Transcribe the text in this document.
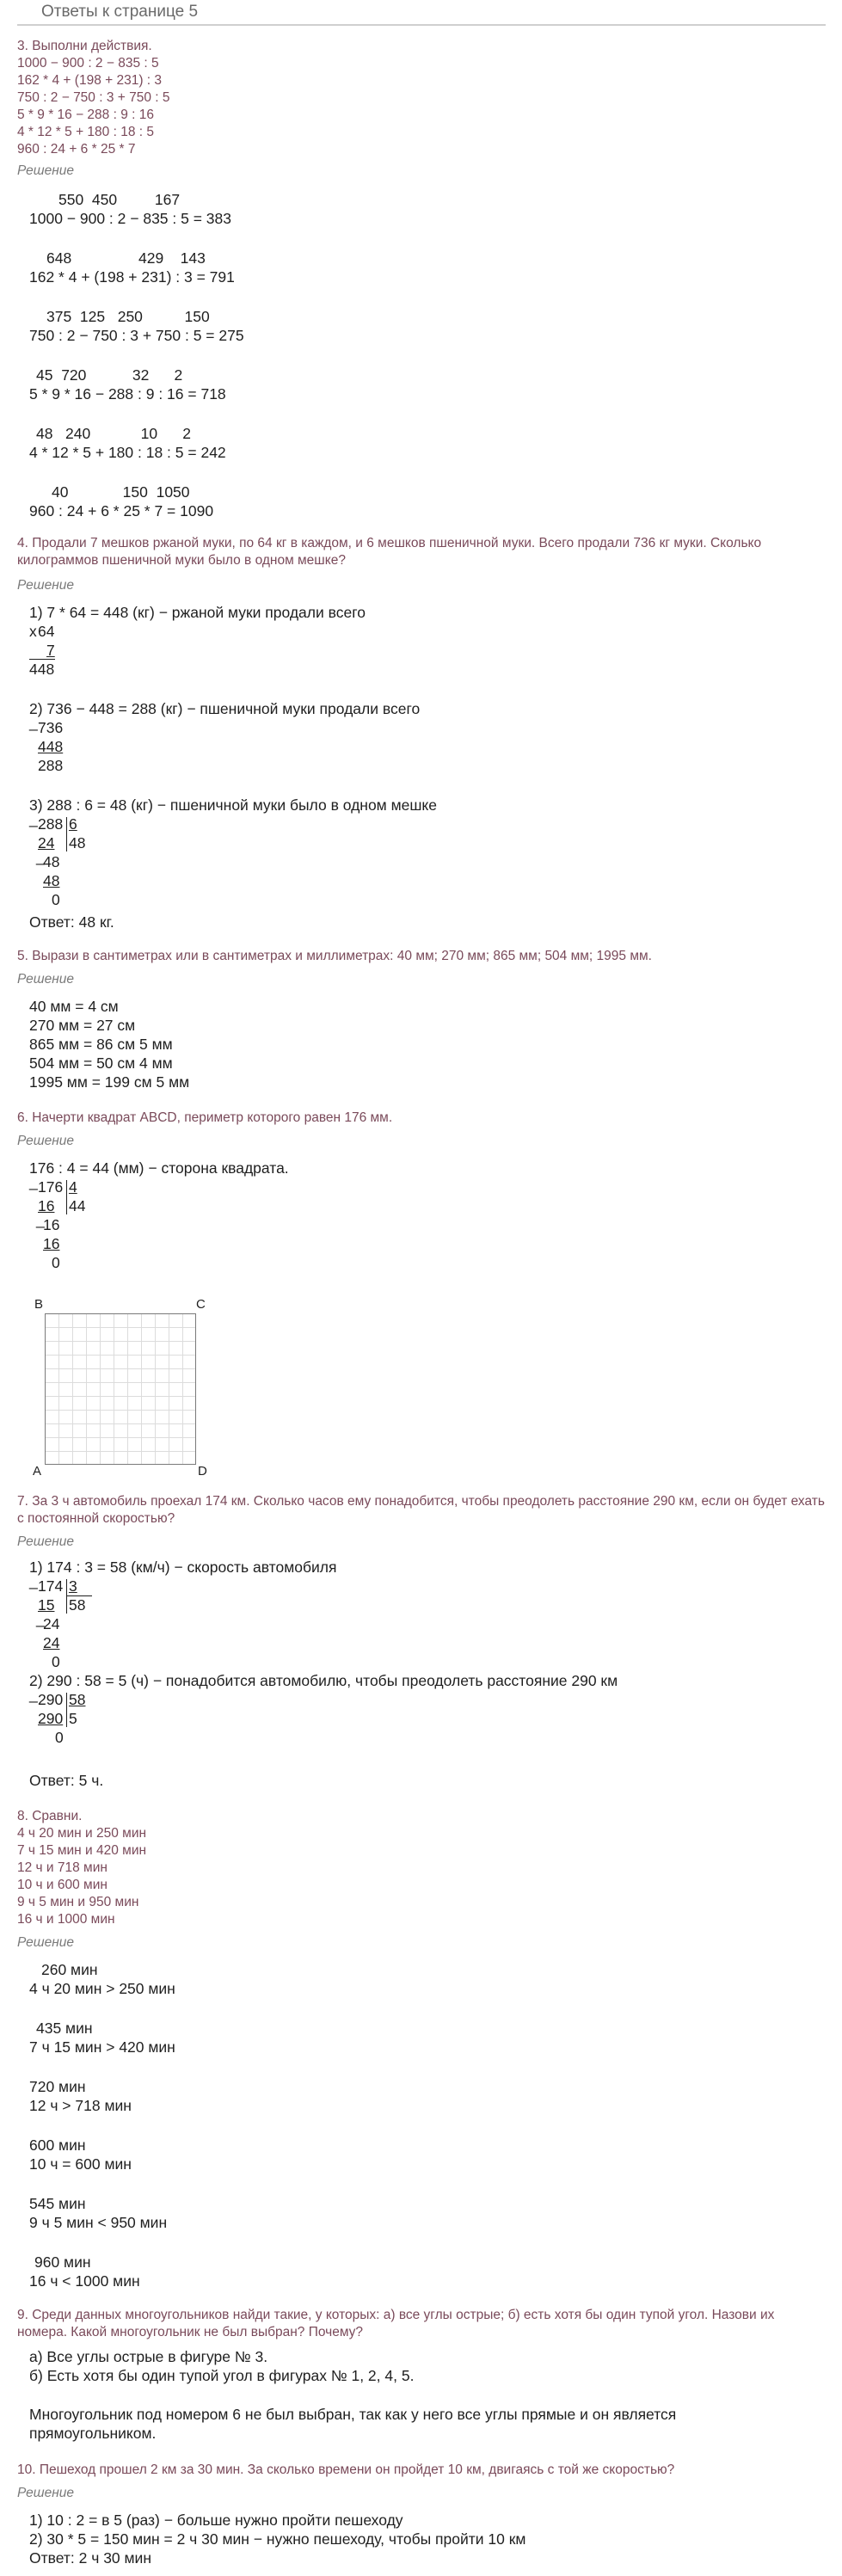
Ответы к странице 5
3. Выполни действия.
1000 − 900 : 2 − 835 : 5
162 * 4 + (198 + 231) : 3
750 : 2 − 750 : 3 + 750 : 5
5 * 9 * 16 − 288 : 9 : 16
4 * 12 * 5 + 180 : 18 : 5
960 : 24 + 6 * 25 * 7
Решение
550  450         167
1000 − 900 : 2 − 835 : 5 = 383
648                429    143
162 * 4 + (198 + 231) : 3 = 791
375  125   250          150
750 : 2 − 750 : 3 + 750 : 5 = 275
45  720           32      2
5 * 9 * 16 − 288 : 9 : 16 = 718
48   240            10      2
4 * 12 * 5 + 180 : 18 : 5 = 242
40             150  1050
960 : 24 + 6 * 25 * 7 = 1090
4. Продали 7 мешков ржаной муки, по 64 кг в каждом, и 6 мешков пшеничной муки. Всего продали 736 кг муки. Сколько килограммов пшеничной муки было в одном мешке?
Решение
1) 7 * 64 = 448 (кг) − ржаной муки продали всего
x 64
7
448
2) 736 − 448 = 288 (кг) − пшеничной муки продали всего
_ 736
448
288
3) 288 : 6 = 48 (кг) − пшеничной муки было в одном мешке
_ 288 6
24 48
_
48
48
0
Ответ: 48 кг.
5. Вырази в сантиметрах или в сантиметрах и миллиметрах: 40 мм; 270 мм; 865 мм; 504 мм; 1995 мм.
Решение
40 мм = 4 см
270 мм = 27 см
865 мм = 86 см 5 мм
504 мм = 50 см 4 мм
1995 мм = 199 см 5 мм
6. Начерти квадрат ABCD, периметр которого равен 176 мм.
Решение
176 : 4 = 44 (мм) − сторона квадрата.
_ 176 4
16 44
_
16
16
0
B	C
A	D
7. За 3 ч автомобиль проехал 174 км. Сколько часов ему понадобится, чтобы преодолеть расстояние 290 км, если он будет ехать с постоянной скоростью?
Решение
1) 174 : 3 = 58 (км/ч) − скорость автомобиля
_ 174 3
15 58
_
24
24
0
2) 290 : 58 = 5 (ч) − понадобится автомобилю, чтобы преодолеть расстояние 290 км
_ 290 58
290 5
0
Ответ: 5 ч.
8. Сравни.
4 ч 20 мин и 250 мин
7 ч 15 мин и 420 мин
12 ч и 718 мин
10 ч и 600 мин
9 ч 5 мин и 950 мин
16 ч и 1000 мин
Решение
260 мин
4 ч 20 мин > 250 мин
435 мин
7 ч 15 мин > 420 мин
720 мин
12 ч > 718 мин
600 мин
10 ч = 600 мин
545 мин
9 ч 5 мин < 950 мин
960 мин
16 ч < 1000 мин
9. Среди данных многоугольников найди такие, у которых: а) все углы острые; б) есть хотя бы один тупой угол. Назови их номера. Какой многоугольник не был выбран? Почему?
а) Все углы острые в фигуре № 3.
б) Есть хотя бы один тупой угол в фигурах № 1, 2, 4, 5.
Многоугольник под номером 6 не был выбран, так как у него все углы прямые и он является прямоугольником.
10. Пешеход прошел 2 км за 30 мин. За сколько времени он пройдет 10 км, двигаясь с той же скоростью?
Решение
1) 10 : 2 = в 5 (раз) − больше нужно пройти пешеходу
2) 30 * 5 = 150 мин = 2 ч 30 мин − нужно пешеходу, чтобы пройти 10 км
Ответ: 2 ч 30 мин
